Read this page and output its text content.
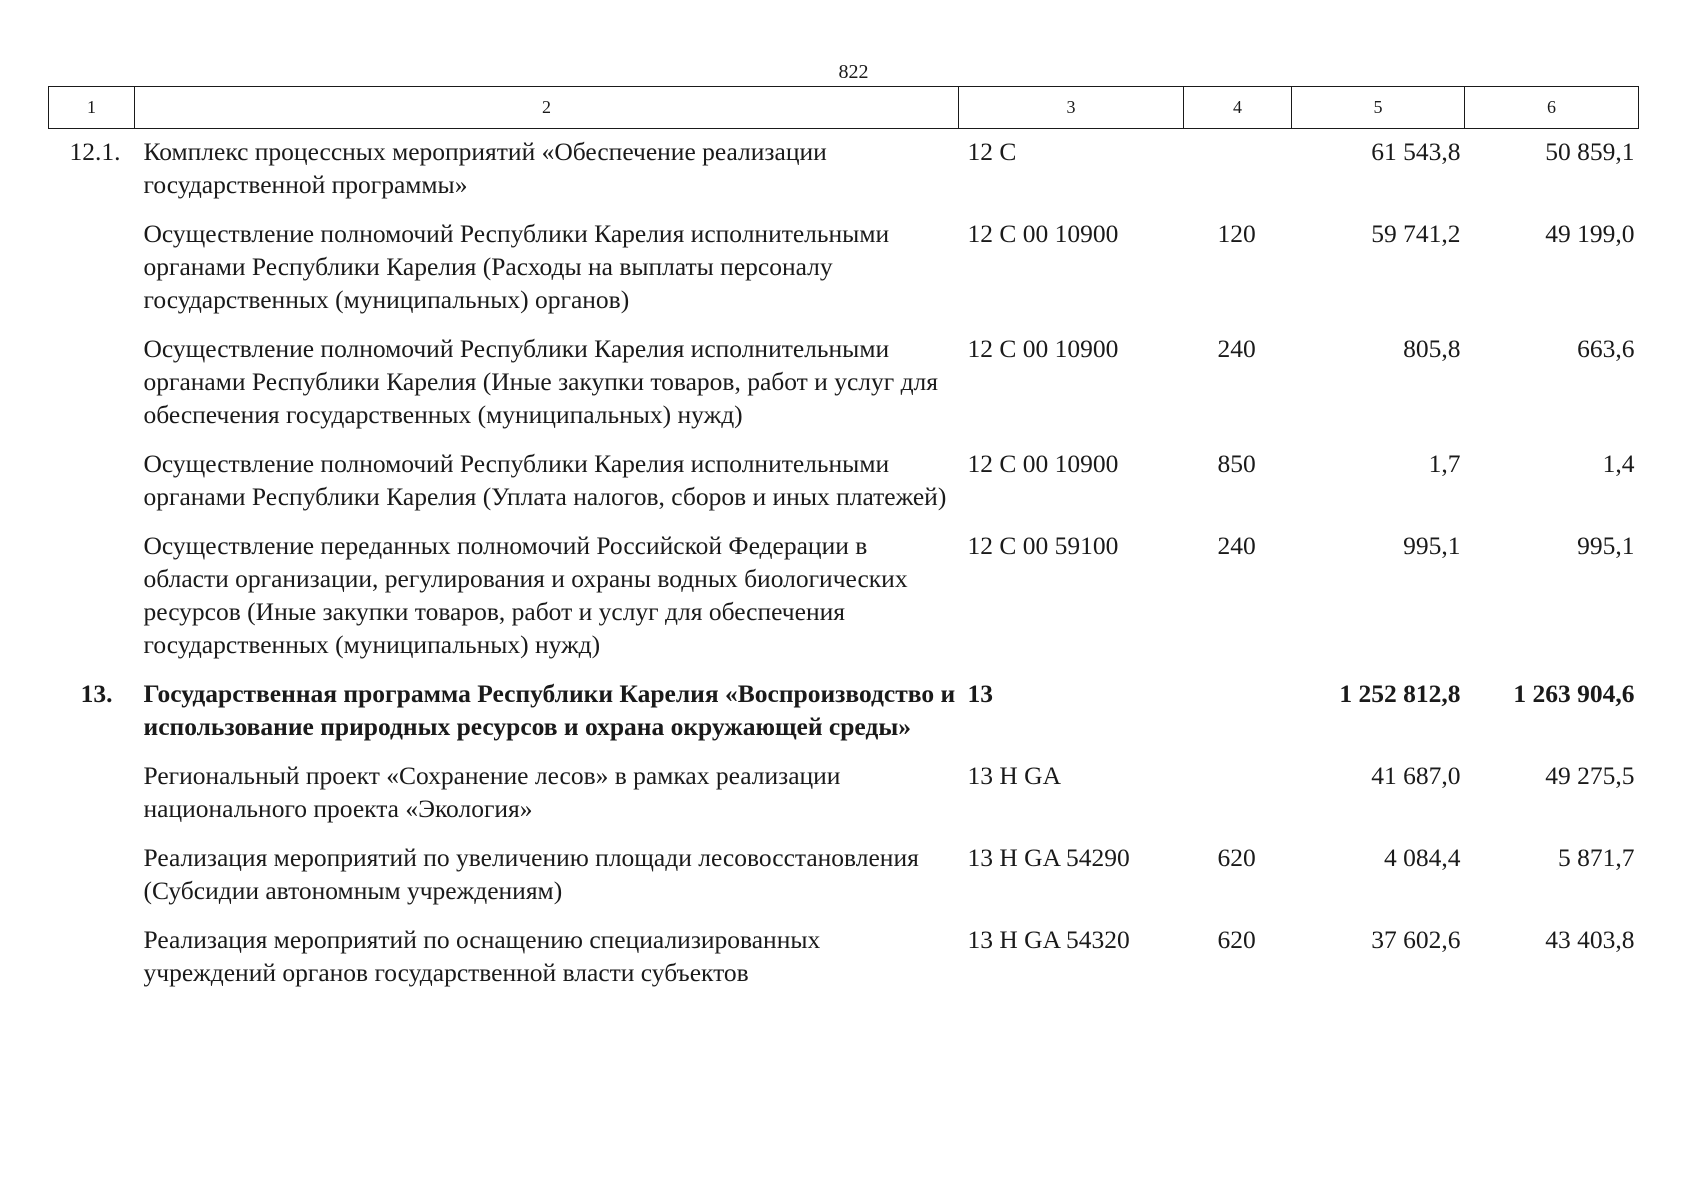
822
1	2	3	4	5	6
12.1.	Комплекс процессных мероприятий «Обеспечение реализации государственной программы»	12 С		61 543,8	50 859,1
	Осуществление полномочий Республики Карелия исполнительными органами Республики Карелия (Расходы на выплаты персоналу государственных (муниципальных) органов)	12 С 00 10900	120	59 741,2	49 199,0
	Осуществление полномочий Республики Карелия исполнительными органами Республики Карелия (Иные закупки товаров, работ и услуг для обеспечения государственных (муниципальных) нужд)	12 С 00 10900	240	805,8	663,6
	Осуществление полномочий Республики Карелия исполнительными органами Республики Карелия (Уплата налогов, сборов и иных платежей)	12 С 00 10900	850	1,7	1,4
	Осуществление переданных полномочий Российской Федерации в области организации, регулирования и охраны водных биологических ресурсов (Иные закупки товаров, работ и услуг для обеспечения государственных (муниципальных) нужд)	12 С 00 59100	240	995,1	995,1
13.	Государственная программа Республики Карелия «Воспроизводство и использование природных ресурсов и охрана окружающей среды»	13		1 252 812,8	1 263 904,6
	Региональный проект «Сохранение лесов» в рамках реализации национального проекта «Экология»	13 Н GA		41 687,0	49 275,5
	Реализация мероприятий по увеличению площади лесовосстановления (Субсидии автономным учреждениям)	13 Н GA 54290	620	4 084,4	5 871,7
	Реализация мероприятий по оснащению специализированных учреждений органов государственной власти субъектов	13 Н GA 54320	620	37 602,6	43 403,8
